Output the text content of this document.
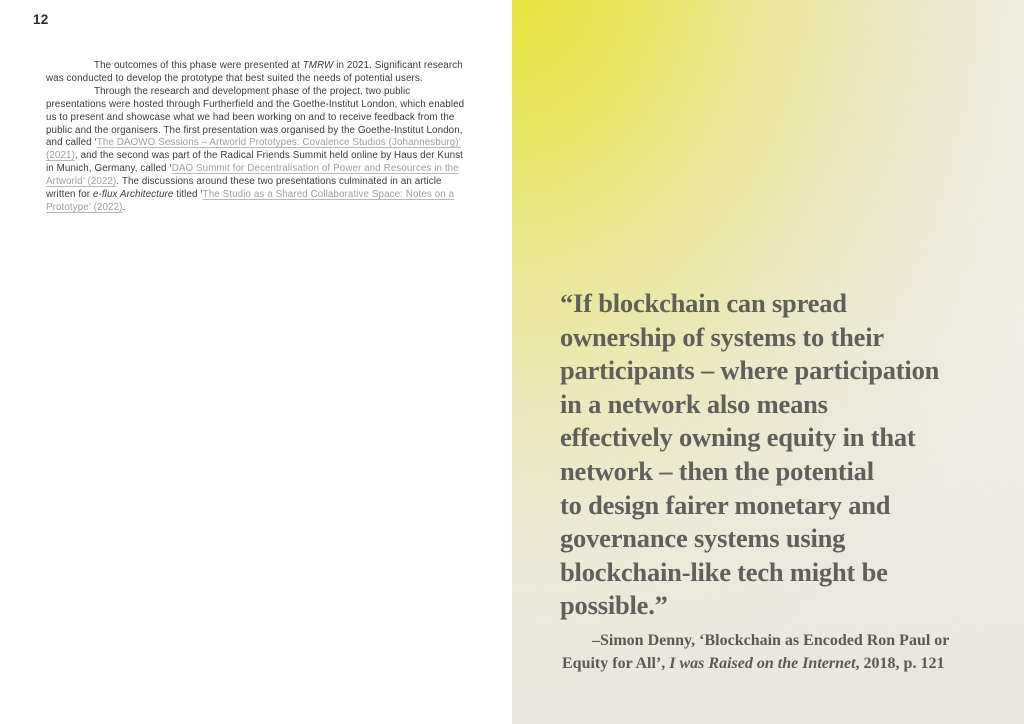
12

The outcomes of this phase were presented at TMRW in 2021. Significant research was conducted to develop the prototype that best suited the needs of potential users.

Through the research and development phase of the project, two public presentations were hosted through Furtherfield and the Goethe-Institut London, which enabled us to present and showcase what we had been working on and to receive feedback from the public and the organisers. The first presentation was organised by the Goethe-Institut London, and called ‘The DAOWO Sessions – Artworld Prototypes: Covalence Studios (Johannesburg)’ (2021), and the second was part of the Radical Friends Summit held online by Haus der Kunst in Munich, Germany, called ‘DAO Summit for Decentralisation of Power and Resources in the Artworld’ (2022). The discussions around these two presentations culminated in an article written for e-flux Architecture titled ‘The Studio as a Shared Collaborative Space: Notes on a Prototype’ (2022).

“If blockchain can spread
ownership of systems to their
participants – where participation
in a network also means
effectively owning equity in that
network – then the potential
to design fairer monetary and
governance systems using
blockchain-like tech might be
possible.”
–Simon Denny, ‘Blockchain as Encoded Ron Paul or
Equity for All’, I was Raised on the Internet, 2018, p. 121
